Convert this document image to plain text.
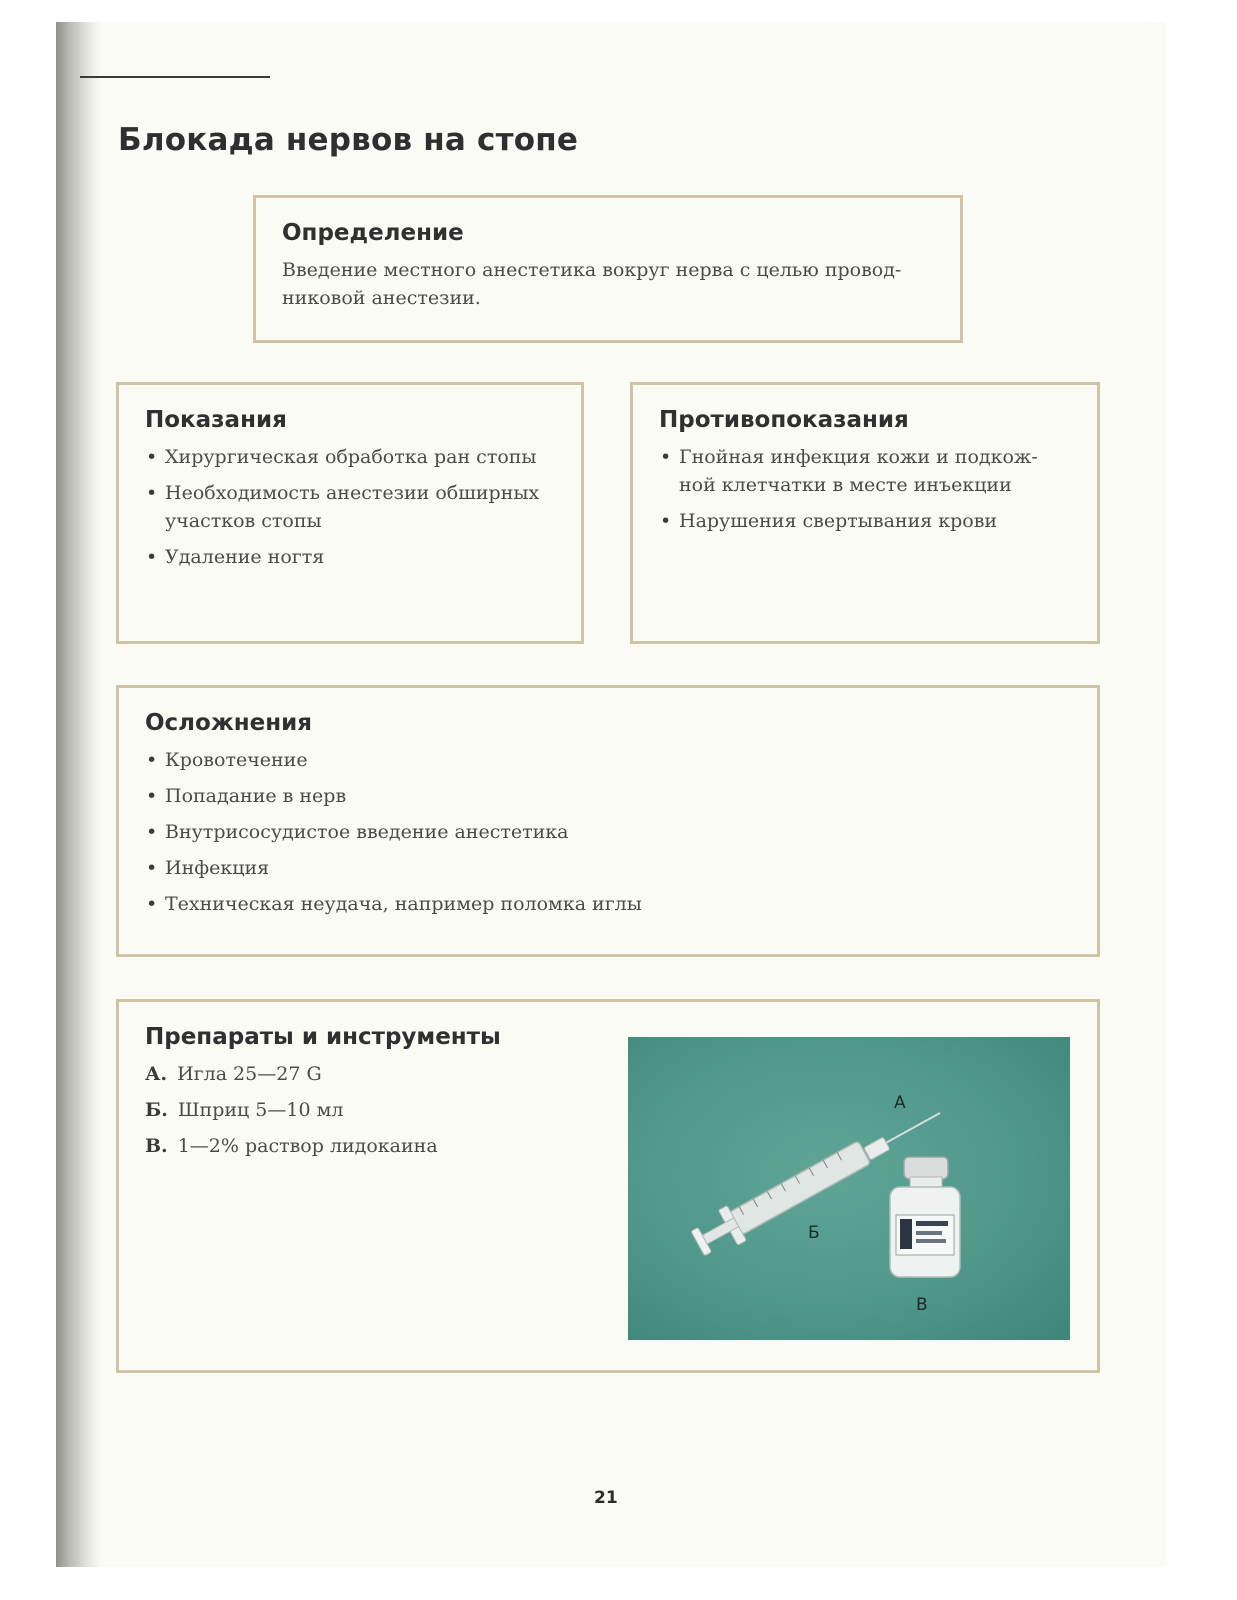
Блокада нервов на стопе
Определение

Введение местного анестетика вокруг нерва с целью провод-никовой анестезии.

Показания
• Хирургическая обработка ран стопы
• Необходимость анестезии обширных участков стопы
• Удаление ногтя
Противопоказания
• Гнойная инфекция кожи и подкож-ной клетчатки в месте инъекции
• Нарушения свертывания крови
Осложнения
• Кровотечение
• Попадание в нерв
• Внутрисосудистое введение анестетика
• Инфекция
• Техническая неудача, например поломка иглы
Препараты и инструменты
А. Игла 25—27 G
Б. Шприц 5—10 мл
В. 1—2% раствор лидокаина
А
Б
В
21
